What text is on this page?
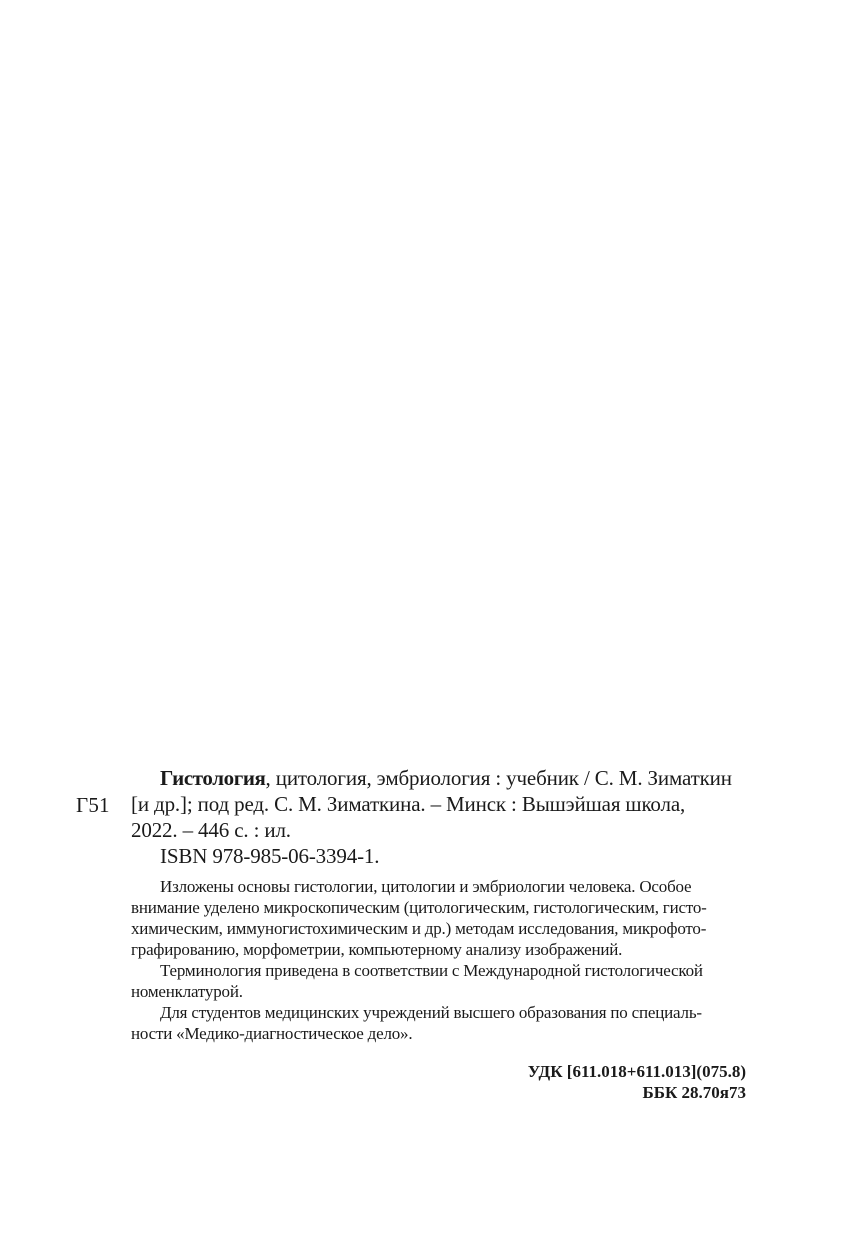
Г51
Гистология, цитология, эмбриология : учебник / С. М. Зиматкин
[и др.]; под ред. С. М. Зиматкина. – Минск : Вышэйшая школа,
2022. – 446 с. : ил.
ISBN 978-985-06-3394-1.
Изложены основы гистологии, цитологии и эмбриологии человека. Особое
внимание уделено микроскопическим (цитологическим, гистологическим, гисто-
химическим, иммуногистохимическим и др.) методам исследования, микрофото-
графированию, морфометрии, компьютерному анализу изображений.
Терминология приведена в соответствии с Международной гистологической
номенклатурой.
Для студентов медицинских учреждений высшего образования по специаль-
ности «Медико-диагностическое дело».
УДК [611.018+611.013](075.8)
ББК 28.70я73
